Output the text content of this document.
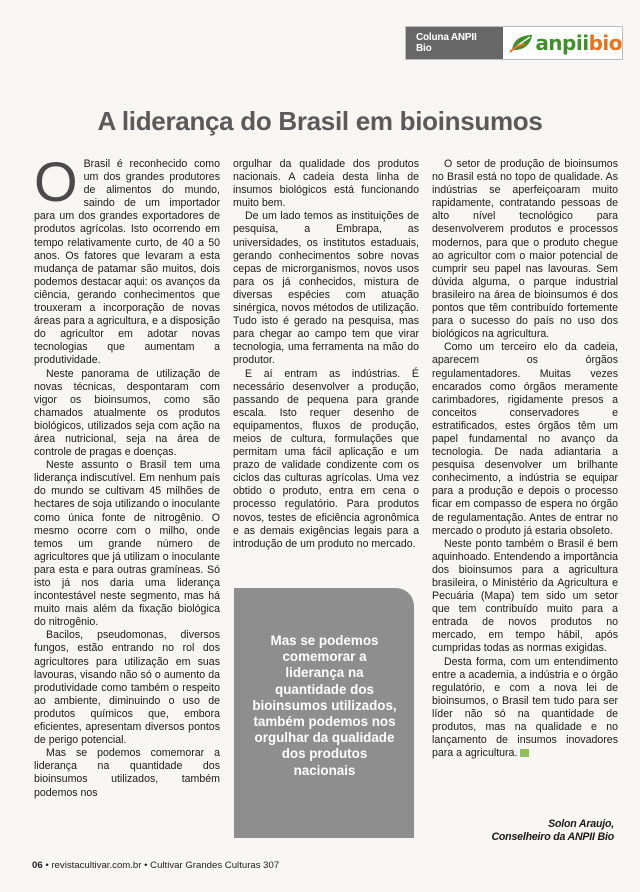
Coluna ANPII Bio	anpiibio
A liderança do Brasil em bioinsumos

O Brasil é reconhecido como um dos grandes produtores de alimentos do mundo, saindo de um importador para um dos grandes exportadores de produtos agrícolas. Isto ocorrendo em tempo relativamente curto, de 40 a 50 anos. Os fatores que levaram a esta mudança de patamar são muitos, dois podemos destacar aqui: os avanços da ciência, gerando conhecimentos que trouxeram a incorporação de novas áreas para a agricultura, e a disposição do agricultor em adotar novas tecnologias que aumentam a produtividade.

Neste panorama de utilização de novas técnicas, despontaram com vigor os bioinsumos, como são chamados atualmente os produtos biológicos, utilizados seja com ação na área nutricional, seja na área de controle de pragas e doenças.

Neste assunto o Brasil tem uma liderança indiscutível. Em nenhum país do mundo se cultivam 45 milhões de hectares de soja utilizando o inoculante como única fonte de nitrogênio. O mesmo ocorre com o milho, onde temos um grande número de agricultores que já utilizam o inoculante para esta e para outras gramíneas. Só isto já nos daria uma liderança incontestável neste segmento, mas há muito mais além da fixação biológica do nitrogênio.

Bacilos, pseudomonas, diversos fungos, estão entrando no rol dos agricultores para utilização em suas lavouras, visando não só o aumento da produtividade como também o respeito ao ambiente, diminuindo o uso de produtos químicos que, embora eficientes, apresentam diversos pontos de perigo potencial.

Mas se podemos comemorar a liderança na quantidade dos bioinsumos utilizados, também podemos nos

orgulhar da qualidade dos produtos nacionais. A cadeia desta linha de insumos biológicos está funcionando muito bem.

De um lado temos as instituições de pesquisa, a Embrapa, as universidades, os institutos estaduais, gerando conhecimentos sobre novas cepas de microrganismos, novos usos para os já conhecidos, mistura de diversas espécies com atuação sinérgica, novos métodos de utilização. Tudo isto é gerado na pesquisa, mas para chegar ao campo tem que virar tecnologia, uma ferramenta na mão do produtor.

E aí entram as indústrias. É necessário desenvolver a produção, passando de pequena para grande escala. Isto requer desenho de equipamentos, fluxos de produção, meios de cultura, formulações que permitam uma fácil aplicação e um prazo de validade condizente com os ciclos das culturas agrícolas. Uma vez obtido o produto, entra em cena o processo regulatório. Para produtos novos, testes de eficiência agronômica e as demais exigências legais para a introdução de um produto no mercado.

O setor de produção de bioinsumos no Brasil está no topo de qualidade. As indústrias se aperfeiçoaram muito rapidamente, contratando pessoas de alto nível tecnológico para desenvolverem produtos e processos modernos, para que o produto chegue ao agricultor com o maior potencial de cumprir seu papel nas lavouras. Sem dúvida alguma, o parque industrial brasileiro na área de bioinsumos é dos pontos que têm contribuído fortemente para o sucesso do país no uso dos biológicos na agricultura.

Como um terceiro elo da cadeia, aparecem os órgãos regulamentadores. Muitas vezes encarados como órgãos meramente carimbadores, rigidamente presos a conceitos conservadores e estratificados, estes órgãos têm um papel fundamental no avanço da tecnologia. De nada adiantaria a pesquisa desenvolver um brilhante conhecimento, a indústria se equipar para a produção e depois o processo ficar em compasso de espera no órgão de regulamentação. Antes de entrar no mercado o produto já estaria obsoleto.

Neste ponto também o Brasil é bem aquinhoado. Entendendo a importância dos bioinsumos para a agricultura brasileira, o Ministério da Agricultura e Pecuária (Mapa) tem sido um setor que tem contribuído muito para a entrada de novos produtos no mercado, em tempo hábil, após cumpridas todas as normas exigidas.

Desta forma, com um entendimento entre a academia, a indústria e o órgão regulatório, e com a nova lei de bioinsumos, o Brasil tem tudo para ser líder não só na quantidade de produtos, mas na qualidade e no lançamento de insumos inovadores para a agricultura.

Mas se podemos comemorar a liderança na quantidade dos bioinsumos utilizados, também podemos nos orgulhar da qualidade dos produtos nacionais
Solon Araujo,
Conselheiro da ANPII Bio
06 • revistacultivar.com.br • Cultivar Grandes Culturas 307
